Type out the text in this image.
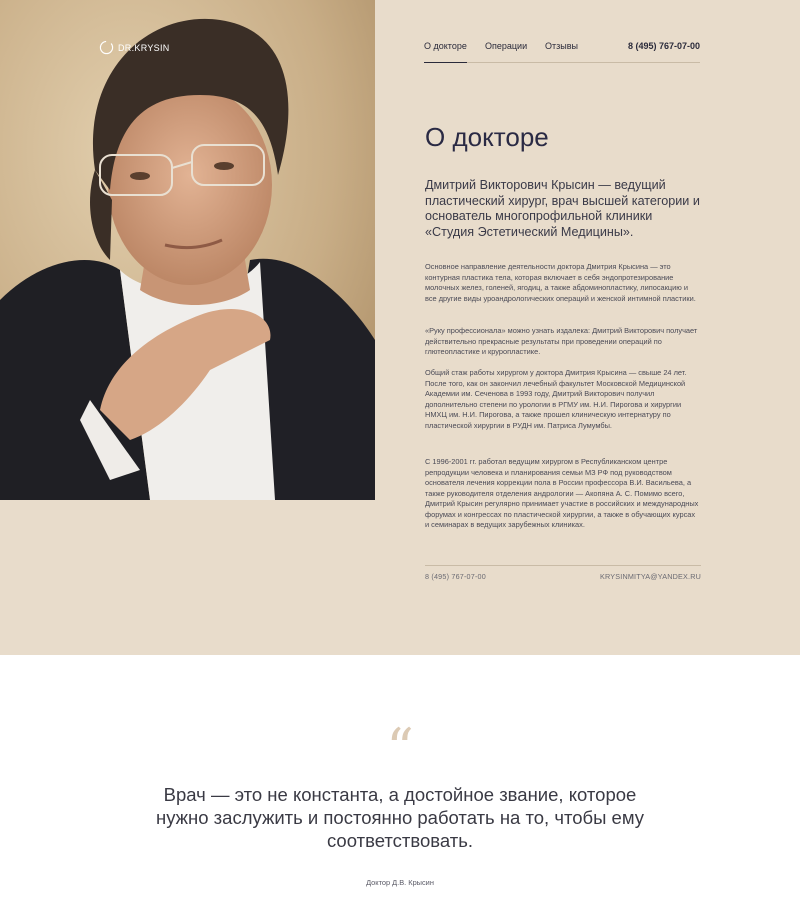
DR.KRYSIN	О докторе Операции Отзывы	8 (495) 767-07-00
О докторе

Дмитрий Викторович Крысин — ведущий пластический хирург, врач высшей категории и основатель многопрофильной клиники «Студия Эстетический Медицины».

Основное направление деятельности доктора Дмитрия Крысина — это контурная пластика тела, которая включает в себя эндопротезирование молочных желез, голеней, ягодиц, а также абдоминопластику, липосакцию и все другие виды уроандрологических операций и женской интимной пластики.

«Руку профессионала» можно узнать издалека: Дмитрий Викторович получает действительно прекрасные результаты при проведении операций по глютеопластике и круропластике.

Общий стаж работы хирургом у доктора Дмитрия Крысина — свыше 24 лет. После того, как он закончил лечебный факультет Московской Медицинской Академии им. Сеченова в 1993 году, Дмитрий Викторович получил дополнительно степени по урологии в РГМУ им. Н.И. Пирогова и хирургии НМХЦ им. Н.И. Пирогова, а также прошел клиническую интернатуру по пластической хирургии в РУДН им. Патриса Лумумбы.

С 1996-2001 гг. работал ведущим хирургом в Республиканском центре репродукции человека и планирования семьи МЗ РФ под руководством основателя лечения коррекции пола в России профессора В.И. Васильева, а также руководителя отделения андрологии — Акопяна А. С. Помимо всего, Дмитрий Крысин регулярно принимает участие в российских и международных форумах и конгрессах по пластической хирургии, а также в обучающих курсах и семинарах в ведущих зарубежных клиниках.

8 (495) 767-07-00	KRYSINMITYA@YANDEX.RU
“

Врач — это не константа, а достойное звание, которое нужно заслужить и постоянно работать на то, чтобы ему соответствовать.

Доктор Д.В. Крысин
